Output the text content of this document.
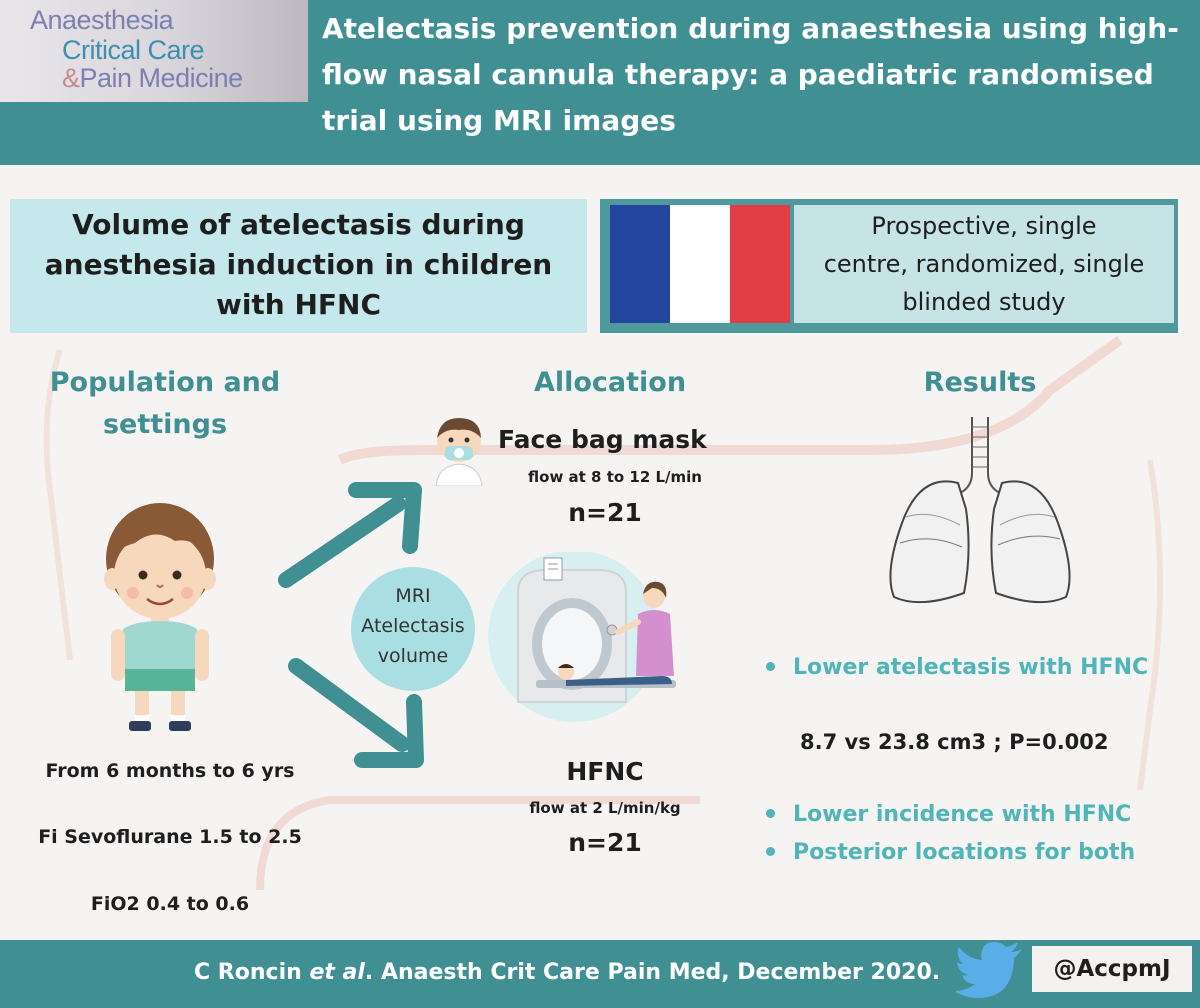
Anaesthesia
Critical Care
&Pain Medicine
Atelectasis prevention during anaesthesia using high-
flow nasal cannula therapy: a paediatric randomised
trial using MRI images
Volume of atelectasis during
anesthesia induction in children
with HFNC
Prospective, single
centre, randomized, single
blinded study
Population and
settings
Allocation	Results
From 6 months to 6 yrs
Fi Sevoflurane 1.5 to 2.5
FiO2 0.4 to 0.6
MRI
Atelectasis
volume
Face bag mask
flow at 8 to 12 L/min
n=21
HFNC
flow at 2 L/min/kg
n=21
Lower atelectasis with HFNC
8.7 vs 23.8 cm3 ; P=0.002
Lower incidence with HFNC
Posterior locations for both
C Roncin et al. Anaesth Crit Care Pain Med, December 2020.	@AccpmJ
